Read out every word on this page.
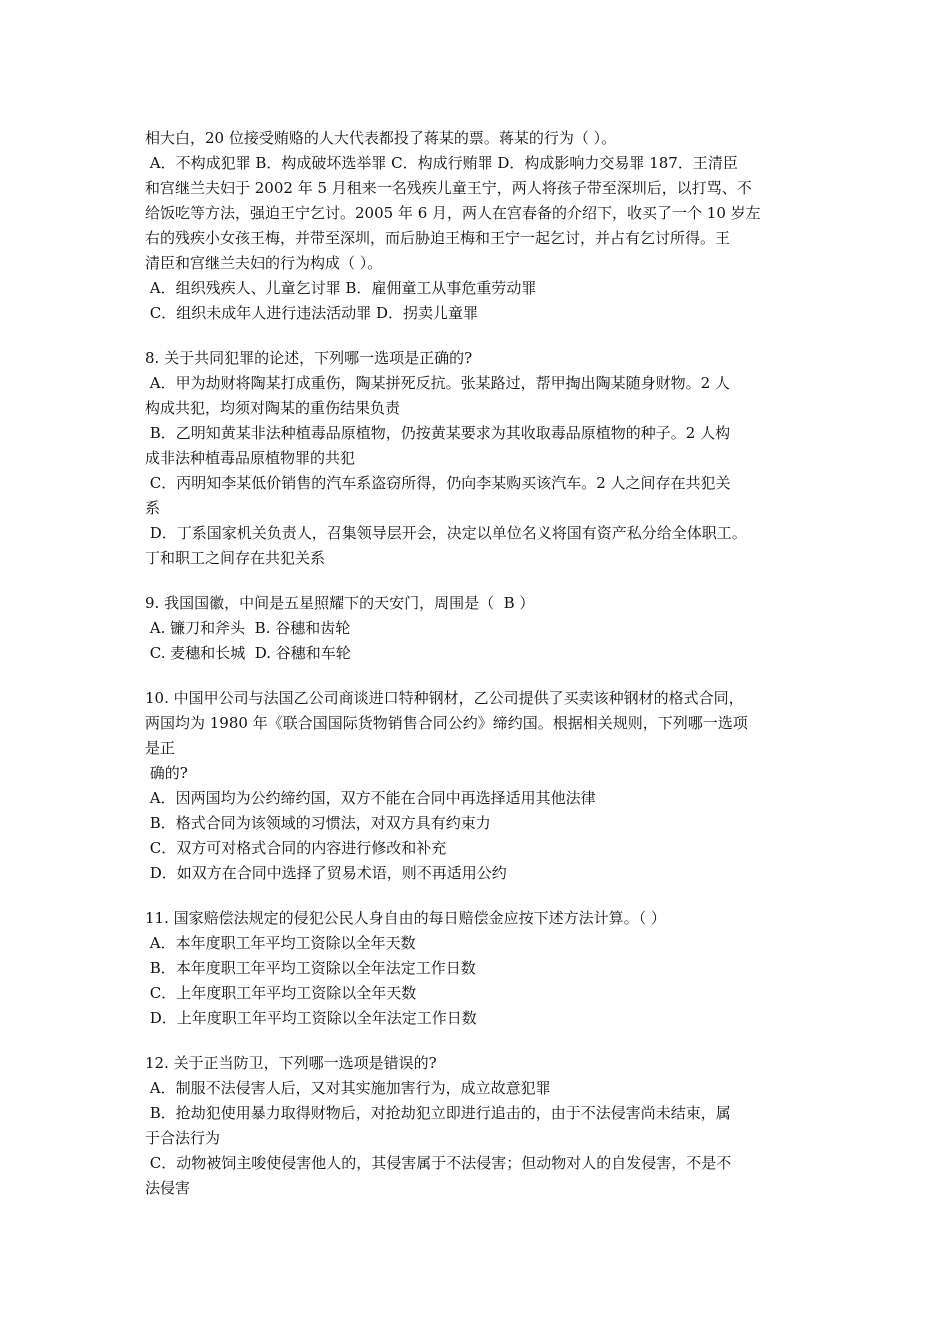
相大白，20 位接受贿赂的人大代表都投了蒋某的票。蒋某的行为（ ）。
A．不构成犯罪 B．构成破坏选举罪 C．构成行贿罪 D．构成影响力交易罪 187．王清臣
和宫继兰夫妇于 2002 年 5 月租来一名残疾儿童王宁，两人将孩子带至深圳后，以打骂、不
给饭吃等方法，强迫王宁乞讨。2005 年 6 月，两人在宫春备的介绍下，收买了一个 10 岁左
右的残疾小女孩王梅，并带至深圳，而后胁迫王梅和王宁一起乞讨，并占有乞讨所得。王
清臣和宫继兰夫妇的行为构成（ ）。
A．组织残疾人、儿童乞讨罪 B．雇佣童工从事危重劳动罪
C．组织未成年人进行违法活动罪 D．拐卖儿童罪
8. 关于共同犯罪的论述，下列哪一选项是正确的?
A．甲为劫财将陶某打成重伤，陶某拼死反抗。张某路过，帮甲掏出陶某随身财物。2 人
构成共犯，均须对陶某的重伤结果负责
B．乙明知黄某非法种植毒品原植物，仍按黄某要求为其收取毒品原植物的种子。2 人构
成非法种植毒品原植物罪的共犯
C．丙明知李某低价销售的汽车系盗窃所得，仍向李某购买该汽车。2 人之间存在共犯关
系
D．丁系国家机关负责人，召集领导层开会，决定以单位名义将国有资产私分给全体职工。
丁和职工之间存在共犯关系
9. 我国国徽，中间是五星照耀下的天安门，周围是（  B ）
A. 镰刀和斧头  B. 谷穗和齿轮
C. 麦穗和长城  D. 谷穗和车轮
10. 中国甲公司与法国乙公司商谈进口特种钢材，乙公司提供了买卖该种钢材的格式合同，
两国均为 1980 年《联合国国际货物销售合同公约》缔约国。根据相关规则，下列哪一选项
是正
确的?
A．因两国均为公约缔约国，双方不能在合同中再选择适用其他法律
B．格式合同为该领域的习惯法，对双方具有约束力
C．双方可对格式合同的内容进行修改和补充
D．如双方在合同中选择了贸易术语，则不再适用公约
11. 国家赔偿法规定的侵犯公民人身自由的每日赔偿金应按下述方法计算。（ ）
A．本年度职工年平均工资除以全年天数
B．本年度职工年平均工资除以全年法定工作日数
C．上年度职工年平均工资除以全年天数
D．上年度职工年平均工资除以全年法定工作日数
12. 关于正当防卫，下列哪一选项是错误的?
A．制服不法侵害人后，又对其实施加害行为，成立故意犯罪
B．抢劫犯使用暴力取得财物后，对抢劫犯立即进行追击的，由于不法侵害尚未结束，属
于合法行为
C．动物被饲主唆使侵害他人的，其侵害属于不法侵害；但动物对人的自发侵害，不是不
法侵害
